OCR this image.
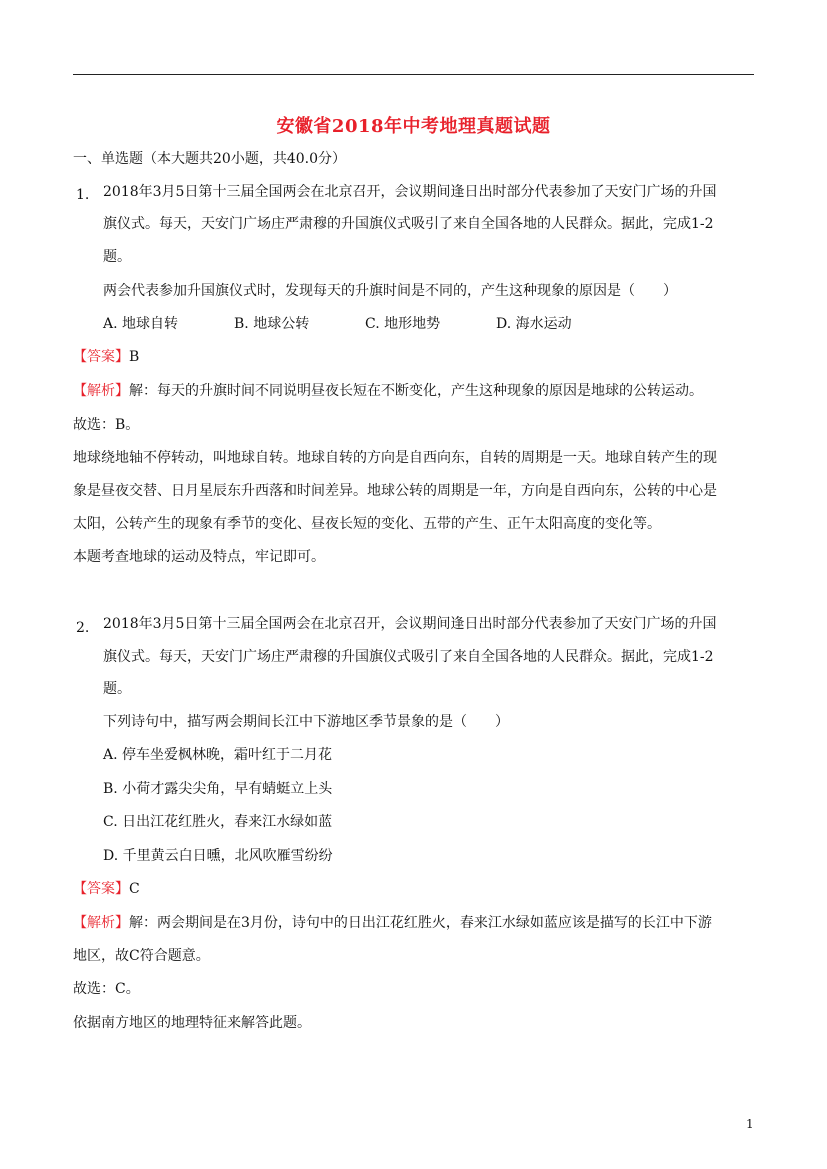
安徽省2018年中考地理真题试题
一、单选题（本大题共20小题，共40.0分）
1. 2018年3月5日第十三届全国两会在北京召开，会议期间逢日出时部分代表参加了天安门广场的升国
旗仪式。每天，天安门广场庄严肃穆的升国旗仪式吸引了来自全国各地的人民群众。据此，完成1-2
题。
两会代表参加升国旗仪式时，发现每天的升旗时间是不同的，产生这种现象的原因是（　　）
A. 地球自转	B. 地球公转	C. 地形地势	D. 海水运动
【答案】B
【解析】解：每天的升旗时间不同说明昼夜长短在不断变化，产生这种现象的原因是地球的公转运动。
故选：B。
地球绕地轴不停转动，叫地球自转。地球自转的方向是自西向东，自转的周期是一天。地球自转产生的现
象是昼夜交替、日月星辰东升西落和时间差异。地球公转的周期是一年，方向是自西向东，公转的中心是
太阳，公转产生的现象有季节的变化、昼夜长短的变化、五带的产生、正午太阳高度的变化等。
本题考查地球的运动及特点，牢记即可。
2. 2018年3月5日第十三届全国两会在北京召开，会议期间逢日出时部分代表参加了天安门广场的升国
旗仪式。每天，天安门广场庄严肃穆的升国旗仪式吸引了来自全国各地的人民群众。据此，完成1-2
题。
下列诗句中，描写两会期间长江中下游地区季节景象的是（　　）
A. 停车坐爱枫林晚，霜叶红于二月花
B. 小荷才露尖尖角，早有蜻蜓立上头
C. 日出江花红胜火，春来江水绿如蓝
D. 千里黄云白日曛，北风吹雁雪纷纷
【答案】C
【解析】解：两会期间是在3月份，诗句中的日出江花红胜火，春来江水绿如蓝应该是描写的长江中下游
地区，故C符合题意。
故选：C。
依据南方地区的地理特征来解答此题。
1
